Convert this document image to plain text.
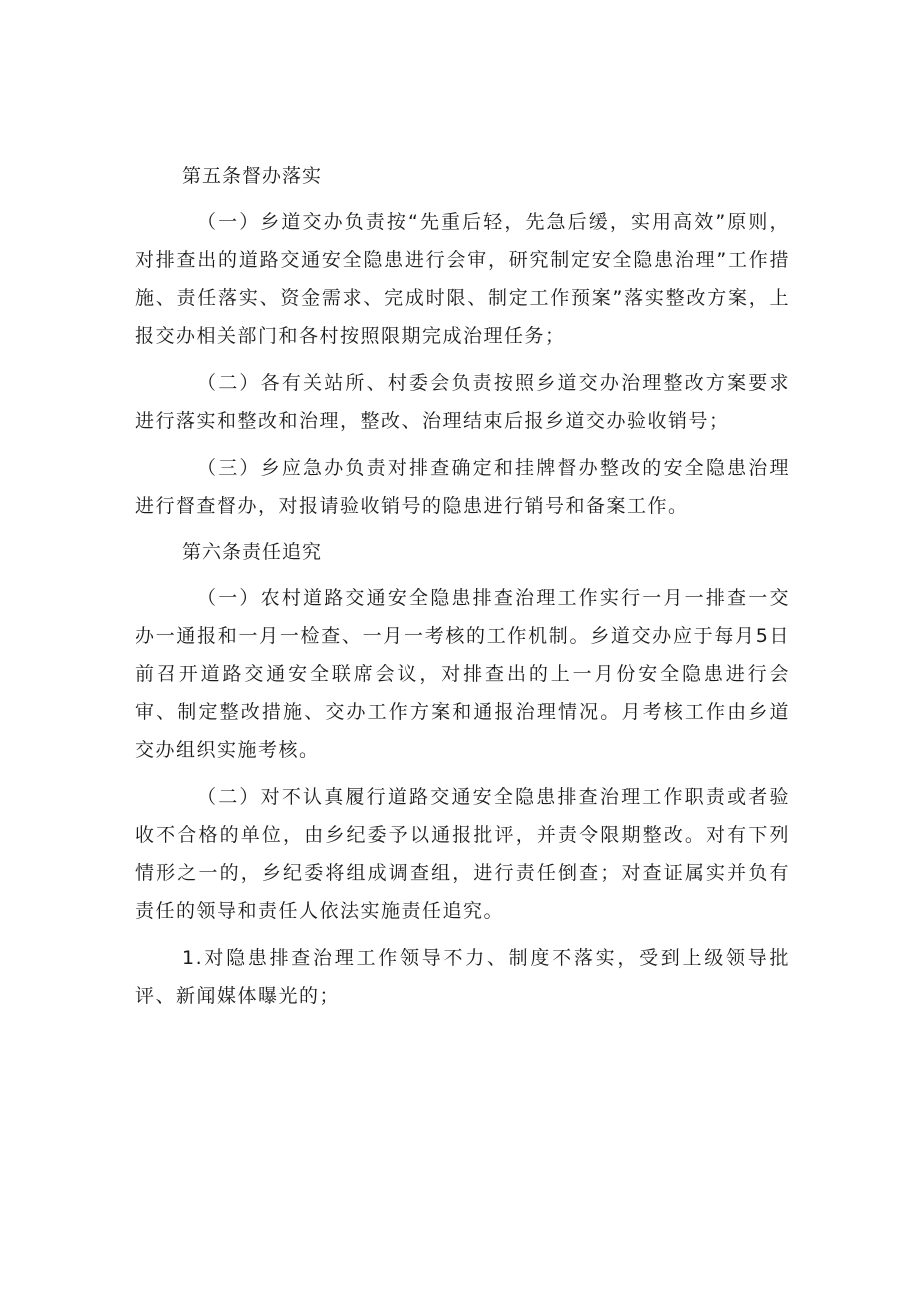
第五条督办落实
（一）乡道交办负责按“先重后轻，先急后缓，实用高效”原则，对排查出的道路交通安全隐患进行会审，研究制定安全隐患治理”工作措施、责任落实、资金需求、完成时限、制定工作预案”落实整改方案，上报交办相关部门和各村按照限期完成治理任务；
（二）各有关站所、村委会负责按照乡道交办治理整改方案要求进行落实和整改和治理，整改、治理结束后报乡道交办验收销号；
（三）乡应急办负责对排查确定和挂牌督办整改的安全隐患治理进行督查督办，对报请验收销号的隐患进行销号和备案工作。
第六条责任追究
（一）农村道路交通安全隐患排查治理工作实行一月一排查一交办一通报和一月一检查、一月一考核的工作机制。乡道交办应于每月5日前召开道路交通安全联席会议，对排查出的上一月份安全隐患进行会审、制定整改措施、交办工作方案和通报治理情况。月考核工作由乡道交办组织实施考核。
（二）对不认真履行道路交通安全隐患排查治理工作职责或者验收不合格的单位，由乡纪委予以通报批评，并责令限期整改。对有下列情形之一的，乡纪委将组成调查组，进行责任倒查；对查证属实并负有责任的领导和责任人依法实施责任追究。
1.对隐患排查治理工作领导不力、制度不落实，受到上级领导批评、新闻媒体曝光的；
